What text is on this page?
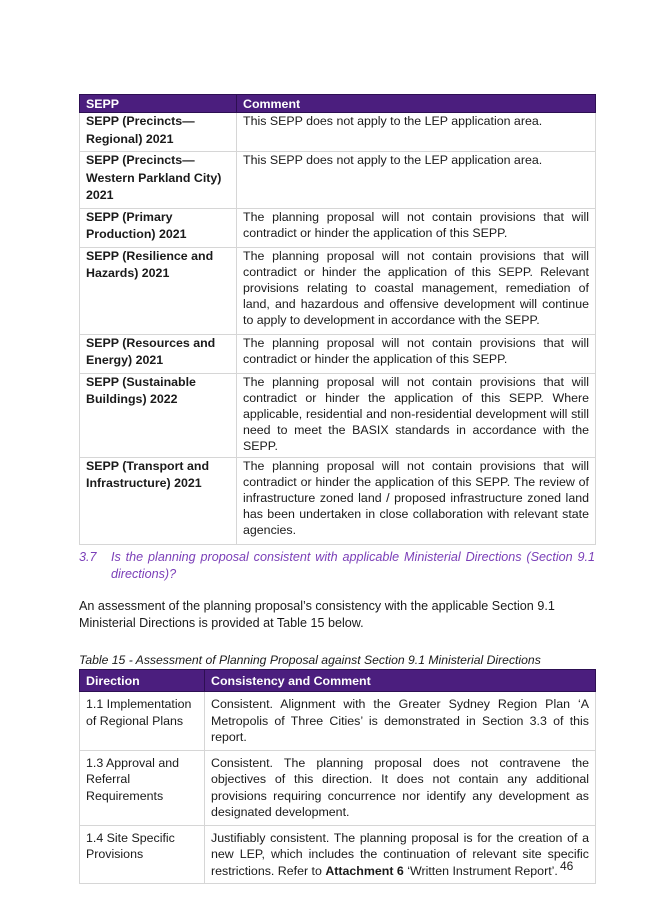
SEPP	Comment
SEPP (Precincts—Regional) 2021	This SEPP does not apply to the LEP application area.
SEPP (Precincts—Western Parkland City) 2021	This SEPP does not apply to the LEP application area.
SEPP (Primary Production) 2021	The planning proposal will not contain provisions that will contradict or hinder the application of this SEPP.
SEPP (Resilience and Hazards) 2021	The planning proposal will not contain provisions that will contradict or hinder the application of this SEPP. Relevant provisions relating to coastal management, remediation of land, and hazardous and offensive development will continue to apply to development in accordance with the SEPP.
SEPP (Resources and Energy) 2021	The planning proposal will not contain provisions that will contradict or hinder the application of this SEPP.
SEPP (Sustainable Buildings) 2022	The planning proposal will not contain provisions that will contradict or hinder the application of this SEPP. Where applicable, residential and non-residential development will still need to meet the BASIX standards in accordance with the SEPP.
SEPP (Transport and Infrastructure) 2021	The planning proposal will not contain provisions that will contradict or hinder the application of this SEPP. The review of infrastructure zoned land / proposed infrastructure zoned land has been undertaken in close collaboration with relevant state agencies.
3.7 Is the planning proposal consistent with applicable Ministerial Directions (Section 9.1
directions)?
An assessment of the planning proposal’s consistency with the applicable Section 9.1 Ministerial Directions is provided at Table 15 below.
Table 15 - Assessment of Planning Proposal against Section 9.1 Ministerial Directions
Direction	Consistency and Comment
1.1 Implementation of Regional Plans	Consistent. Alignment with the Greater Sydney Region Plan ‘A Metropolis of Three Cities’ is demonstrated in Section 3.3 of this report.
1.3 Approval and Referral Requirements	Consistent. The planning proposal does not contravene the objectives of this direction. It does not contain any additional provisions requiring concurrence nor identify any development as designated development.
1.4 Site Specific Provisions	Justifiably consistent. The planning proposal is for the creation of a new LEP, which includes the continuation of relevant site specific restrictions. Refer to Attachment 6 ‘Written Instrument Report’. 46
